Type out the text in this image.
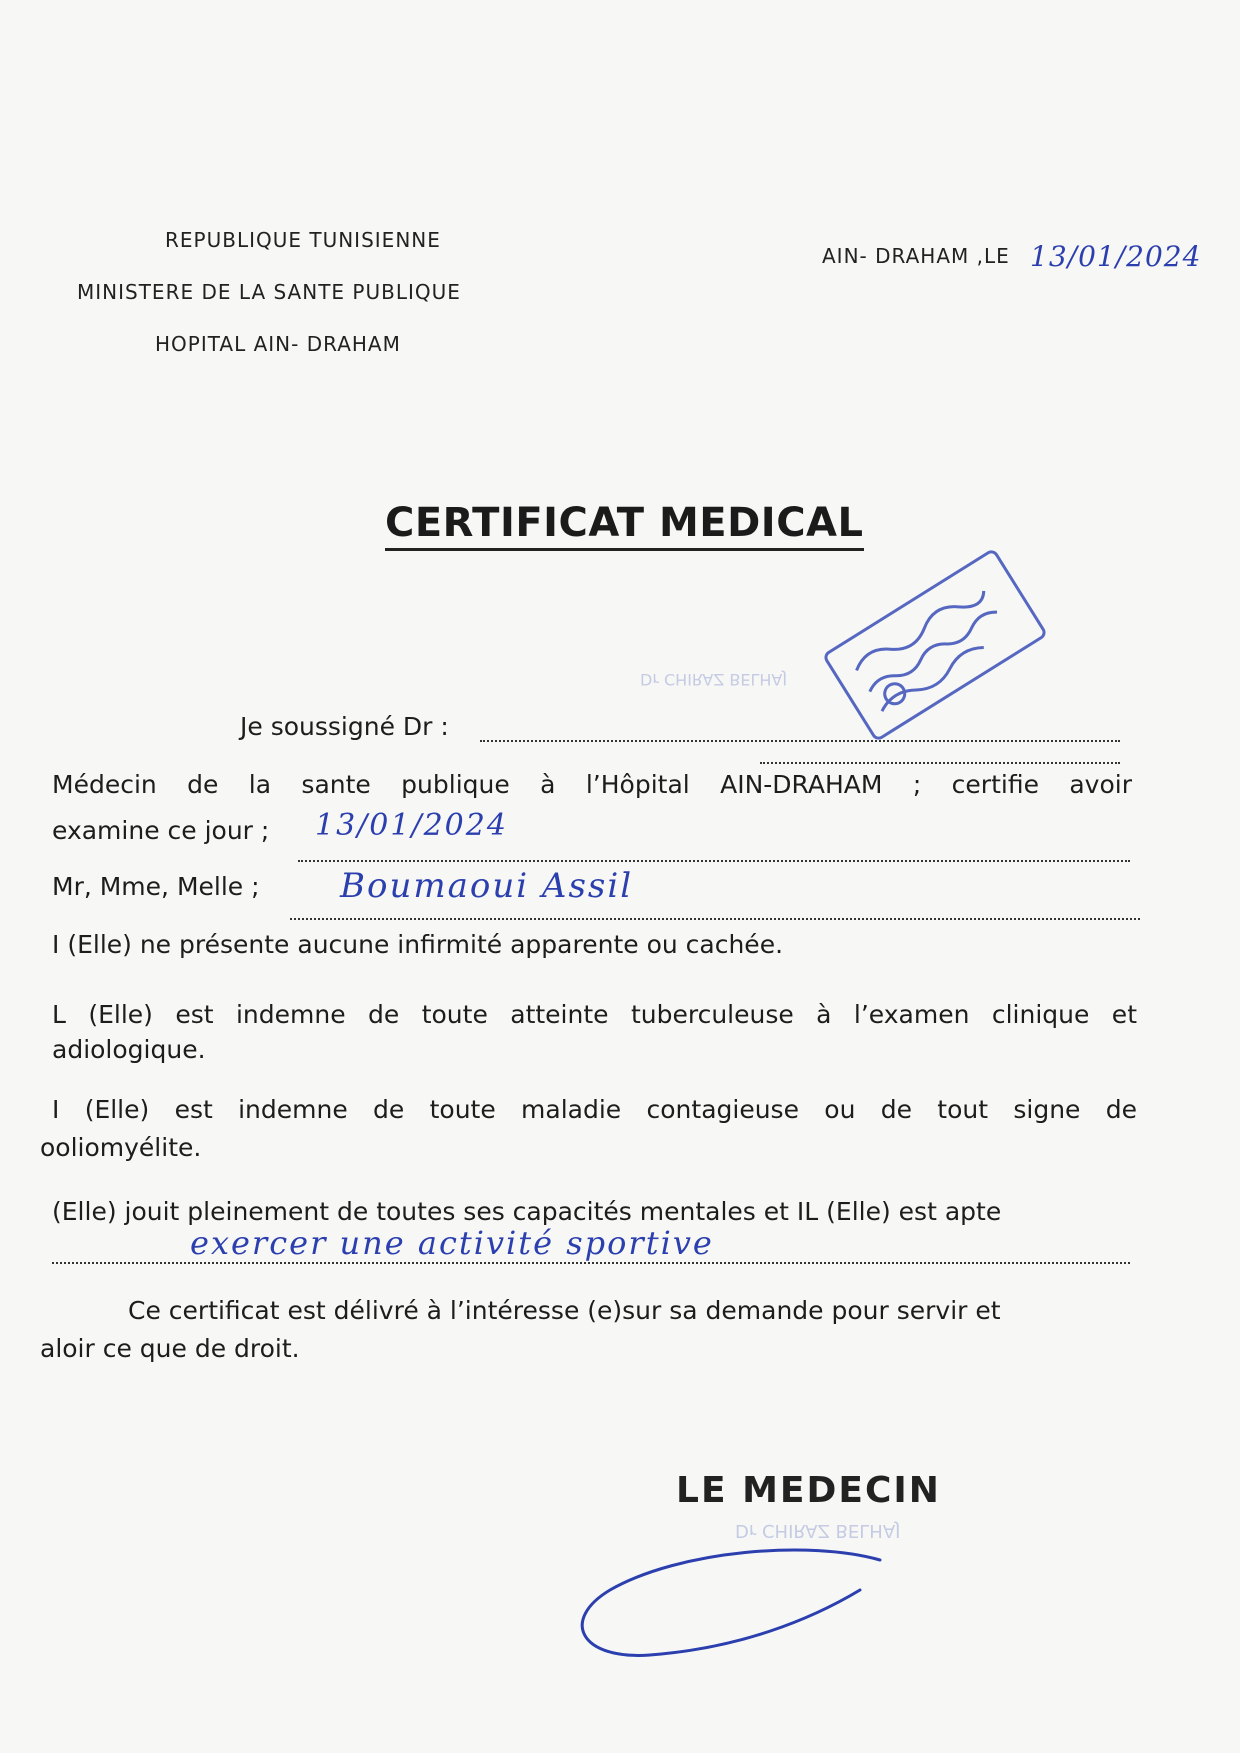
REPUBLIQUE TUNISIENNE
MINISTERE DE LA SANTE PUBLIQUE
HOPITAL AIN- DRAHAM
AIN- DRAHAM ,LE 13/01/2024
CERTIFICAT MEDICAL
Dr CHIRAZ BELHAJ
Dr CHIRAZ BELHAJ
Je soussigné Dr :
Médecin de la sante publique à l’Hôpital AIN-DRAHAM ; certifie avoir
examine ce jour ; 13/01/2024
Mr, Mme, Melle ; Boumaoui Assil
I (Elle) ne présente aucune infirmité apparente ou cachée.
L (Elle) est indemne de toute atteinte tuberculeuse à l’examen clinique et
adiologique.
I (Elle) est indemne de toute maladie contagieuse ou de tout signe de
ooliomyélite.
(Elle) jouit pleinement de toutes ses capacités mentales et IL (Elle) est apte
exercer une activité sportive
Ce certificat est délivré à l’intéresse (e)sur sa demande pour servir et
aloir ce que de droit.
LE MEDECIN
